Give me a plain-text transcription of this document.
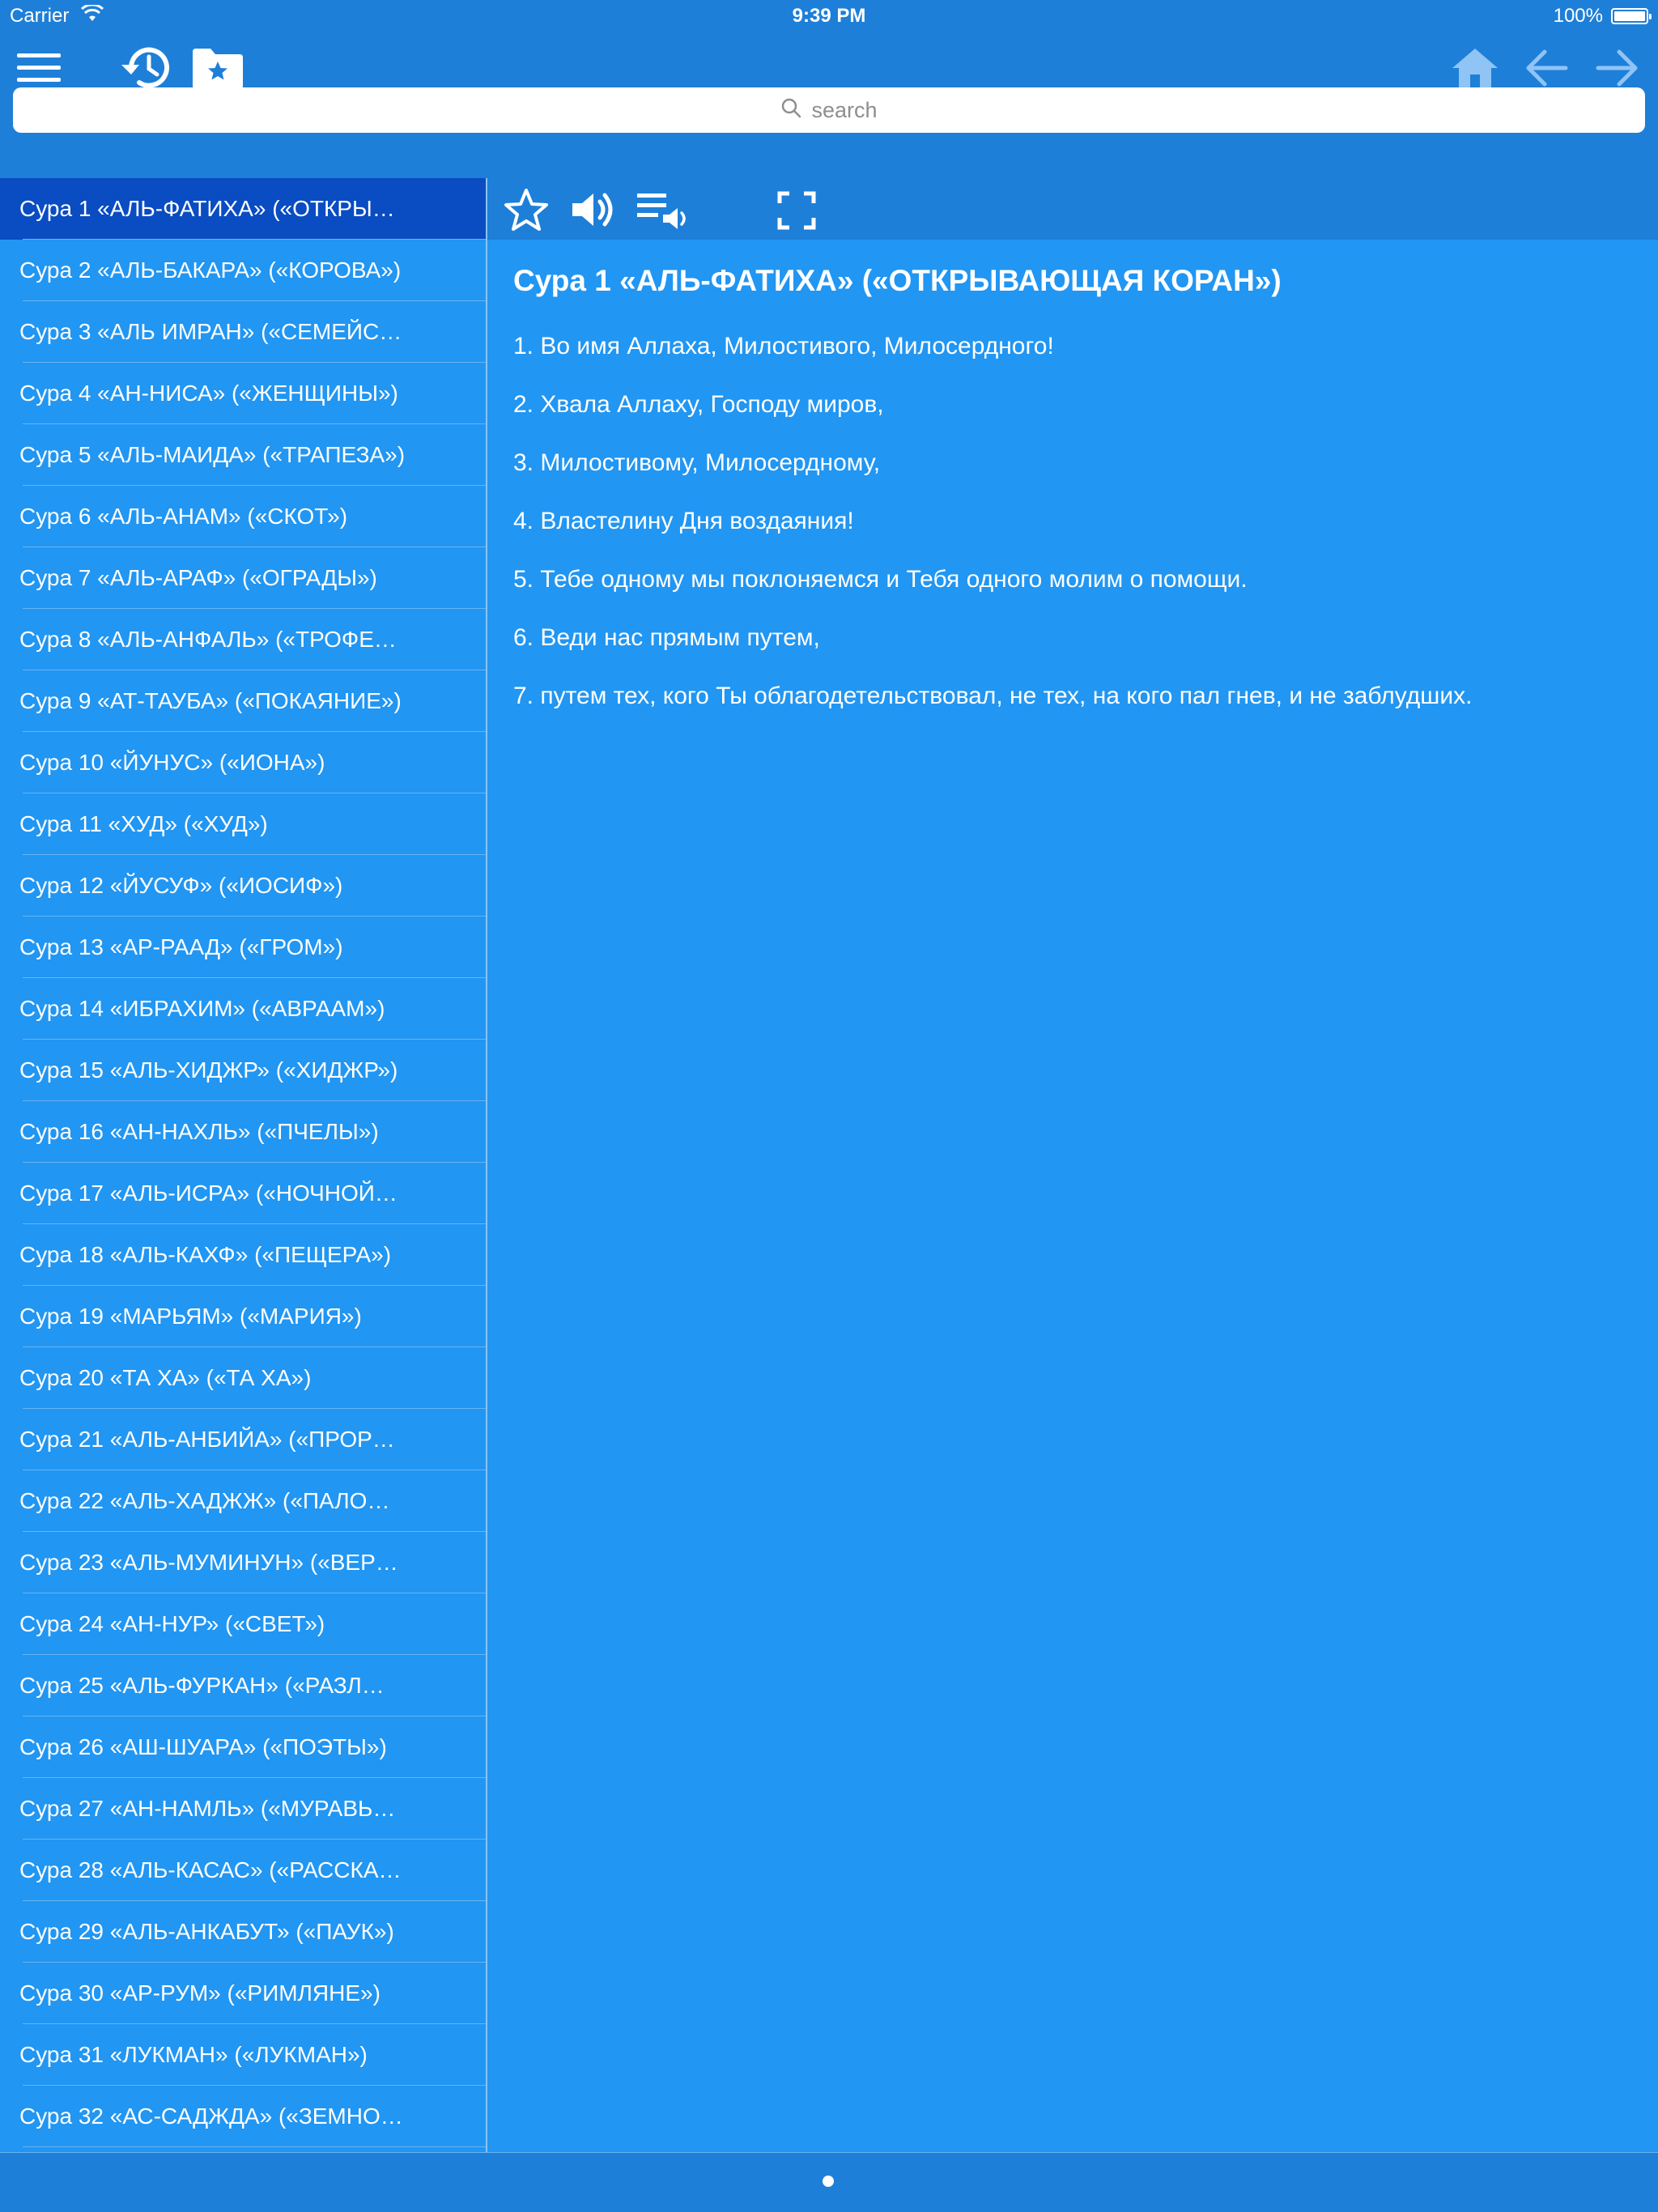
Carrier	9:39 PM	100%
search
Сура 1 «АЛЬ-ФАТИХА» («ОТКРЫ…
Сура 2 «АЛЬ-БАКАРА» («КОРОВА»)
Сура 3 «АЛЬ ИМРАН» («СЕМЕЙС…
Сура 4 «АН-НИСА» («ЖЕНЩИНЫ»)
Сура 5 «АЛЬ-МАИДА» («ТРАПЕЗА»)
Сура 6 «АЛЬ-АНАМ» («СКОТ»)
Сура 7 «АЛЬ-АРАФ» («ОГРАДЫ»)
Сура 8 «АЛЬ-АНФАЛЬ» («ТРОФЕ…
Сура 9 «АТ-ТАУБА» («ПОКАЯНИЕ»)
Сура 10 «ЙУНУС» («ИОНА»)
Сура 11 «ХУД» («ХУД»)
Сура 12 «ЙУСУФ» («ИОСИФ»)
Сура 13 «АР-РААД» («ГРОМ»)
Сура 14 «ИБРАХИМ» («АВРААМ»)
Сура 15 «АЛЬ-ХИДЖР» («ХИДЖР»)
Сура 16 «АН-НАХЛЬ» («ПЧЕЛЫ»)
Сура 17 «АЛЬ-ИСРА» («НОЧНОЙ…
Сура 18 «АЛЬ-КАХФ» («ПЕЩЕРА»)
Сура 19 «МАРЬЯМ» («МАРИЯ»)
Сура 20 «ТА ХА» («ТА ХА»)
Сура 21 «АЛЬ-АНБИЙА» («ПРОР…
Сура 22 «АЛЬ-ХАДЖЖ» («ПАЛО…
Сура 23 «АЛЬ-МУМИНУН» («ВЕР…
Сура 24 «АН-НУР» («СВЕТ»)
Сура 25 «АЛЬ-ФУРКАН» («РАЗЛ…
Сура 26 «АШ-ШУАРА» («ПОЭТЫ»)
Сура 27 «АН-НАМЛЬ» («МУРАВЬ…
Сура 28 «АЛЬ-КАСАС» («РАССКА…
Сура 29 «АЛЬ-АНКАБУТ» («ПАУК»)
Сура 30 «АР-РУМ» («РИМЛЯНЕ»)
Сура 31 «ЛУКМАН» («ЛУКМАН»)
Сура 32 «АС-САДЖДА» («ЗЕМНО…
Сура 1 «АЛЬ-ФАТИХА» («ОТКРЫВАЮЩАЯ КОРАН»)
1. Во имя Аллаха, Милостивого, Милосердного!
2. Хвала Аллаху, Господу миров,
3. Милостивому, Милосердному,
4. Властелину Дня воздаяния!
5. Тебе одному мы поклоняемся и Тебя одного молим о помощи.
6. Веди нас прямым путем,
7. путем тех, кого Ты облагодетельствовал, не тех, на кого пал гнев, и не заблудших.
